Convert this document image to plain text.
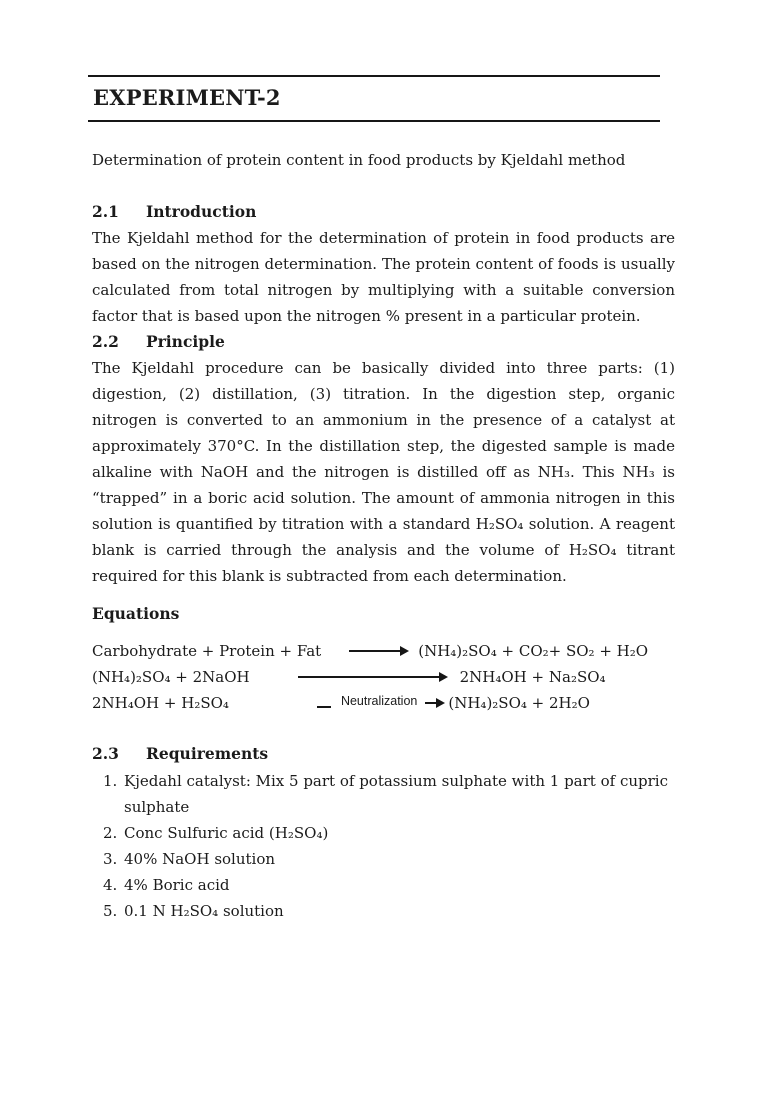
EXPERIMENT-2
Determination of protein content in food products by Kjeldahl method
2.1 Introduction
The Kjeldahl method for the determination of protein in food products are based on the nitrogen determination. The protein content of foods is usually calculated from total nitrogen by multiplying with a suitable conversion factor that is based upon the nitrogen % present in a particular protein.
2.2 Principle
The Kjeldahl procedure can be basically divided into three parts: (1) digestion, (2) distillation, (3) titration. In the digestion step, organic nitrogen is converted to an ammonium in the presence of a catalyst at approximately 370°C. In the distillation step, the digested sample is made alkaline with NaOH and the nitrogen is distilled off as NH₃. This NH₃ is “trapped” in a boric acid solution. The amount of ammonia nitrogen in this solution is quantified by titration with a standard H₂SO₄ solution. A reagent blank is carried through the analysis and the volume of H₂SO₄ titrant required for this blank is subtracted from each determination.
Equations
Carbohydrate + Protein + Fat → (NH₄)₂SO₄ + CO₂+ SO₂ + H₂O
(NH₄)₂SO₄ + 2NaOH	2NH₄OH + Na₂SO₄
2NH₄OH + H₂SO₄	Neutralization (NH₄)₂SO₄ + 2H₂O
2.3 Requirements
1. Kjedahl catalyst: Mix 5 part of potassium sulphate with 1 part of cupric sulphate
2. Conc Sulfuric acid (H₂SO₄)
3. 40% NaOH solution
4. 4% Boric acid
5. 0.1 N H₂SO₄ solution
